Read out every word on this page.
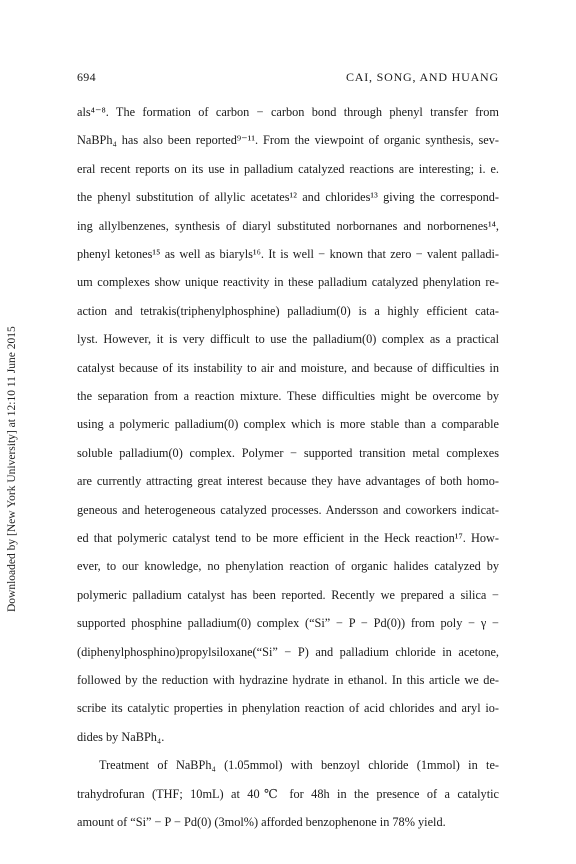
694	CAI, SONG, AND HUANG
Downloaded by [New York University] at 12:10 11 June 2015
als⁴⁻⁸. The formation of carbon − carbon bond through phenyl transfer from
NaBPh₄ has also been reported⁹⁻¹¹. From the viewpoint of organic synthesis, sev-
eral recent reports on its use in palladium catalyzed reactions are interesting; i. e.
the phenyl substitution of allylic acetates¹² and chlorides¹³ giving the correspond-
ing allylbenzenes, synthesis of diaryl substituted norbornanes and norbornenes¹⁴,
phenyl ketones¹⁵ as well as biaryls¹⁶. It is well − known that zero − valent palladi-
um complexes show unique reactivity in these palladium catalyzed phenylation re-
action and tetrakis(triphenylphosphine) palladium(0) is a highly efficient cata-
lyst. However, it is very difficult to use the palladium(0) complex as a practical
catalyst because of its instability to air and moisture, and because of difficulties in
the separation from a reaction mixture. These difficulties might be overcome by
using a polymeric palladium(0) complex which is more stable than a comparable
soluble palladium(0) complex. Polymer − supported transition metal complexes
are currently attracting great interest because they have advantages of both homo-
geneous and heterogeneous catalyzed processes. Andersson and coworkers indicat-
ed that polymeric catalyst tend to be more efficient in the Heck reaction¹⁷. How-
ever, to our knowledge, no phenylation reaction of organic halides catalyzed by
polymeric palladium catalyst has been reported. Recently we prepared a silica −
supported phosphine palladium(0) complex (“Si” − P − Pd(0)) from poly − γ −
(diphenylphosphino)propylsiloxane(“Si” − P) and palladium chloride in acetone,
followed by the reduction with hydrazine hydrate in ethanol. In this article we de-
scribe its catalytic properties in phenylation reaction of acid chlorides and aryl io-
dides by NaBPh₄.
Treatment of NaBPh₄ (1.05mmol) with benzoyl chloride (1mmol) in te-
trahydrofuran (THF; 10mL) at 40℃ for 48h in the presence of a catalytic
amount of “Si” − P − Pd(0) (3mol%) afforded benzophenone in 78% yield.
